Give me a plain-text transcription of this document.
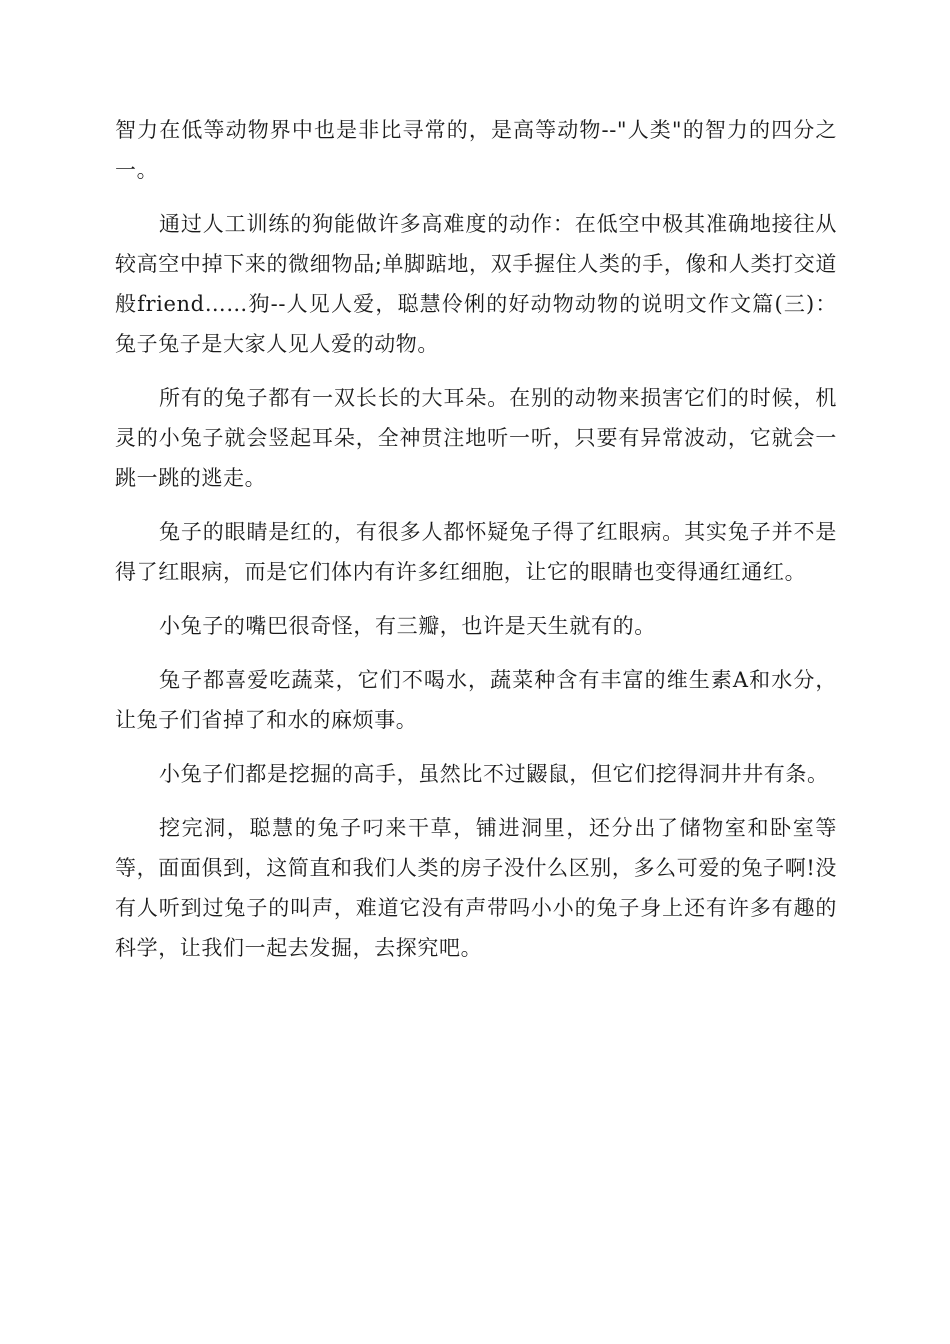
智力在低等动物界中也是非比寻常的，是高等动物--"人类"的智力的四分之一。

通过人工训练的狗能做许多高难度的动作：在低空中极其准确地接往从较高空中掉下来的微细物品;单脚踮地，双手握住人类的手，像和人类打交道般friend……狗--人见人爱，聪慧伶俐的好动物动物的说明文作文篇(三)：兔子兔子是大家人见人爱的动物。

所有的兔子都有一双长长的大耳朵。在别的动物来损害它们的时候，机灵的小兔子就会竖起耳朵，全神贯注地听一听，只要有异常波动，它就会一跳一跳的逃走。

兔子的眼睛是红的，有很多人都怀疑兔子得了红眼病。其实兔子并不是得了红眼病，而是它们体内有许多红细胞，让它的眼睛也变得通红通红。

小兔子的嘴巴很奇怪，有三瓣，也许是天生就有的。

兔子都喜爱吃蔬菜，它们不喝水，蔬菜种含有丰富的维生素A和水分，让兔子们省掉了和水的麻烦事。

小兔子们都是挖掘的高手，虽然比不过鼹鼠，但它们挖得洞井井有条。

挖完洞，聪慧的兔子叼来干草，铺进洞里，还分出了储物室和卧室等等，面面俱到，这简直和我们人类的房子没什么区别，多么可爱的兔子啊!没有人听到过兔子的叫声，难道它没有声带吗小小的兔子身上还有许多有趣的科学，让我们一起去发掘，去探究吧。
